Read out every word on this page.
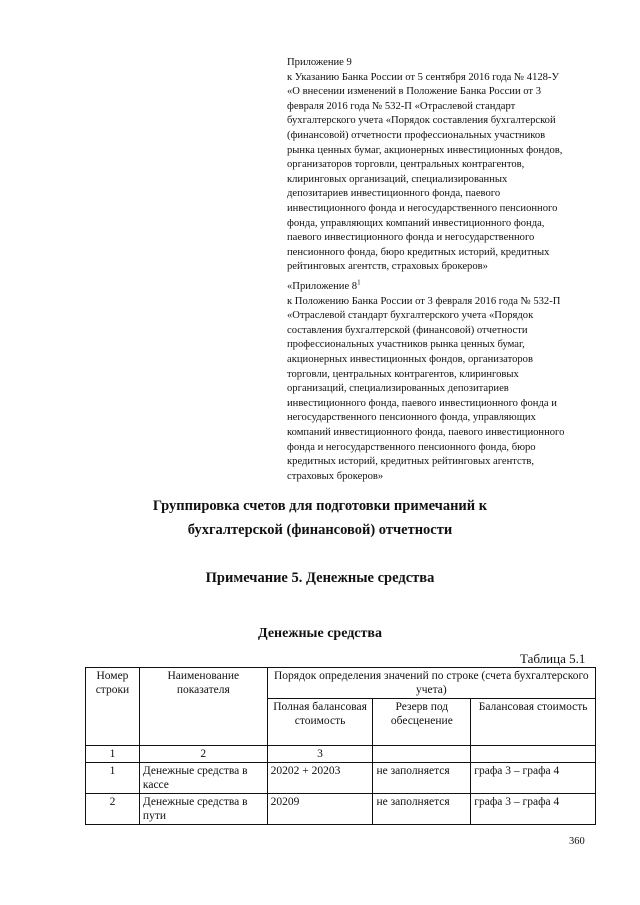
Приложение 9

к Указанию Банка России от 5 сентября 2016 года № 4128-У

«О внесении изменений в Положение Банка России от 3

февраля 2016 года № 532-П «Отраслевой стандарт

бухгалтерского учета «Порядок составления бухгалтерской

(финансовой) отчетности профессиональных участников

рынка ценных бумаг, акционерных инвестиционных фондов,

организаторов торговли, центральных контрагентов,

клиринговых организаций, специализированных

депозитариев инвестиционного фонда, паевого

инвестиционного фонда и негосударственного пенсионного

фонда, управляющих компаний инвестиционного фонда,

паевого инвестиционного фонда и негосударственного

пенсионного фонда, бюро кредитных историй, кредитных

рейтинговых агентств, страховых брокеров»

«Приложение $8^1$

к Положению Банка России от 3 февраля 2016 года № 532-П

«Отраслевой стандарт бухгалтерского учета «Порядок

составления бухгалтерской (финансовой) отчетности

профессиональных участников рынка ценных бумаг,

акционерных инвестиционных фондов, организаторов

торговли, центральных контрагентов, клиринговых

организаций, специализированных депозитариев

инвестиционного фонда, паевого инвестиционного фонда и

негосударственного пенсионного фонда, управляющих

компаний инвестиционного фонда, паевого инвестиционного

фонда и негосударственного пенсионного фонда, бюро

кредитных историй, кредитных рейтинговых агентств,

страховых брокеров»

Группировка счетов для подготовки примечаний к
бухгалтерской (финансовой) отчетности
Примечание 5. Денежные средства
Денежные средства
Таблица 5.1
Номер строки	Наименование показателя	Порядок определения значений по строке (счета бухгалтерского учета)		
		Полная балансовая стоимость	Резерв под обесценение	Балансовая стоимость
1	2	3		
1	Денежные средства в кассе	20202 + 20203	не заполняется	графа 3 – графа 4
2	Денежные средства в пути	20209	не заполняется	графа 3 – графа 4
360
